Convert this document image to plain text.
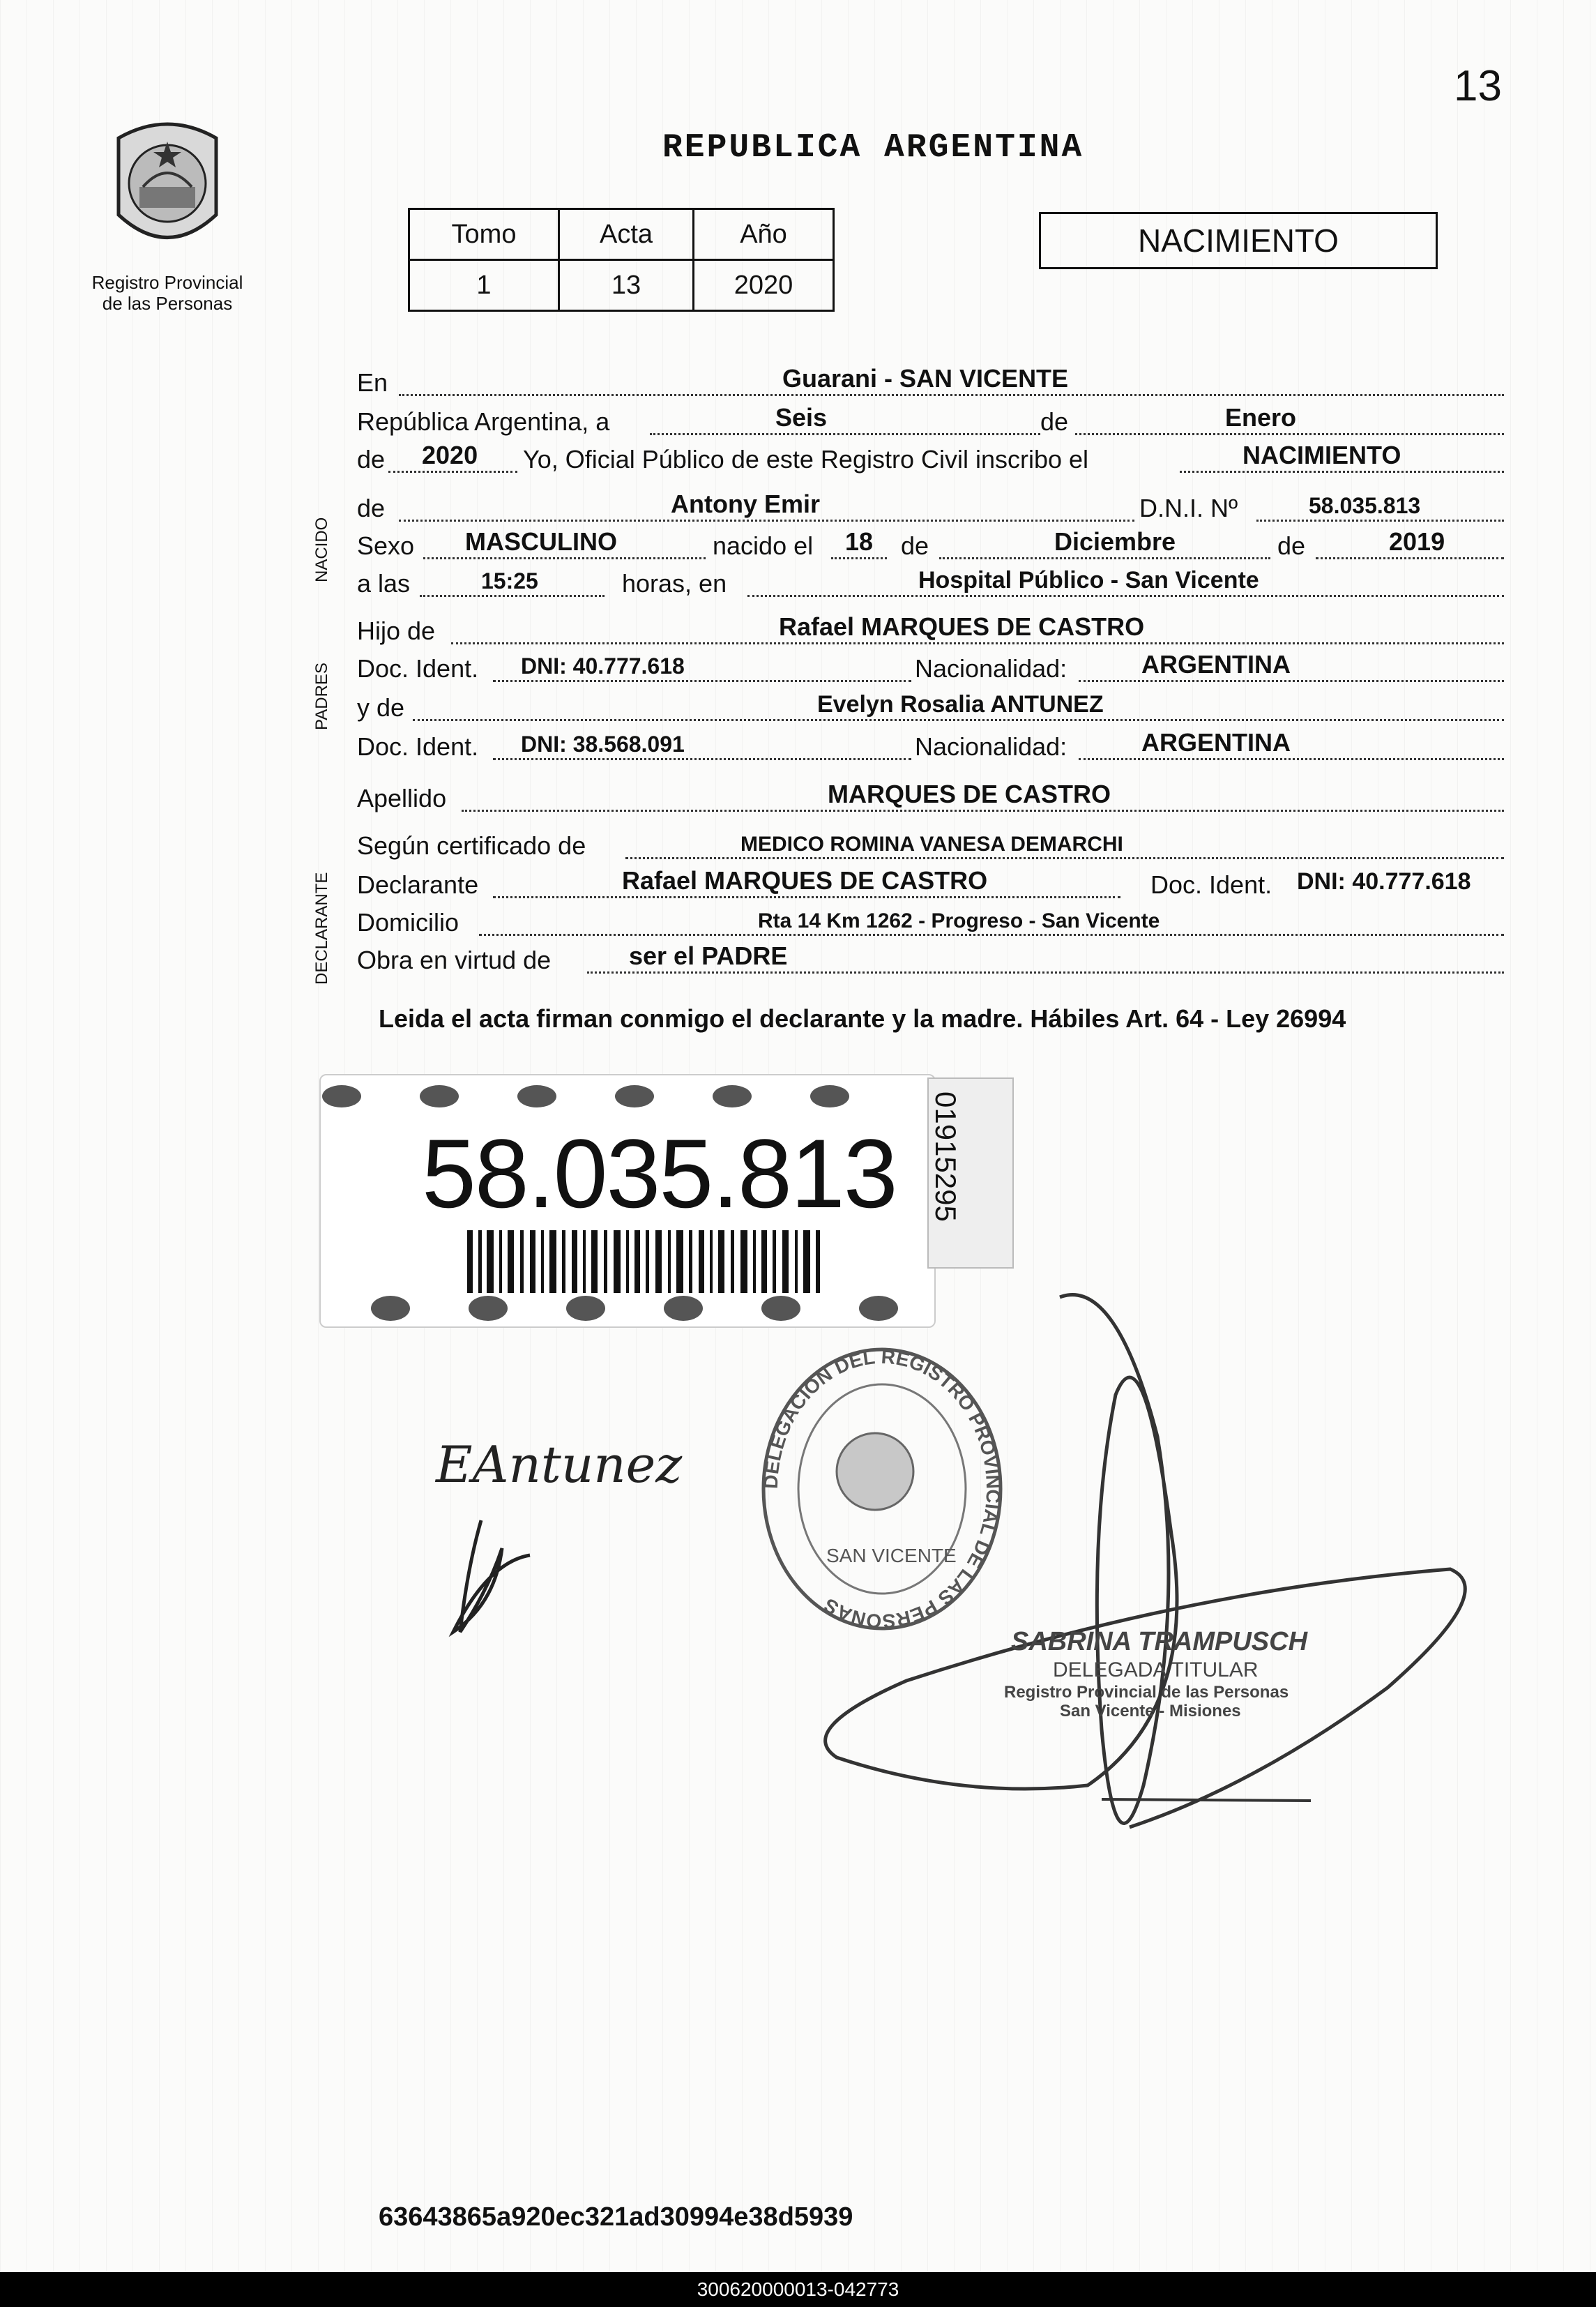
13
Registro Provincial
de las Personas
REPUBLICA ARGENTINA
Tomo	Acta	Año
1	13	2020
NACIMIENTO
NACIDO
PADRES
DECLARANTE
En	Guarani - SAN VICENTE
República Argentina, a	Seis	de	Enero
de 2020 Yo, Oficial Público de este Registro Civil inscribo el	NACIMIENTO
de	Antony Emir	D.N.I. Nº	58.035.813
Sexo MASCULINO	nacido el 18 de	Diciembre	de	2019
a las	15:25	horas, en	Hospital Público - San Vicente
Hijo de	Rafael MARQUES DE CASTRO
Doc. Ident. DNI: 40.777.618	Nacionalidad:	ARGENTINA
y de	Evelyn Rosalia ANTUNEZ
Doc. Ident. DNI: 38.568.091	Nacionalidad:	ARGENTINA
Apellido	MARQUES DE CASTRO
Según certificado de	MEDICO ROMINA VANESA DEMARCHI
Declarante	Rafael MARQUES DE CASTRO	Doc. Ident. DNI: 40.777.618
Domicilio	Rta 14 Km 1262 - Progreso - San Vicente
Obra en virtud de	ser el PADRE
Leida el acta firman conmigo el declarante y la madre. Hábiles Art. 64 - Ley 26994
58.035.813 01915295
DELEGACION DEL REGISTRO PROVINCIAL DE LAS PERSONAS
SAN VICENTE
EAntunez
SABRINA TRAMPUSCH
DELEGADA TITULAR
Registro Provincial de las Personas
San Vicente - Misiones
63643865a920ec321ad30994e38d5939
300620000013-042773
